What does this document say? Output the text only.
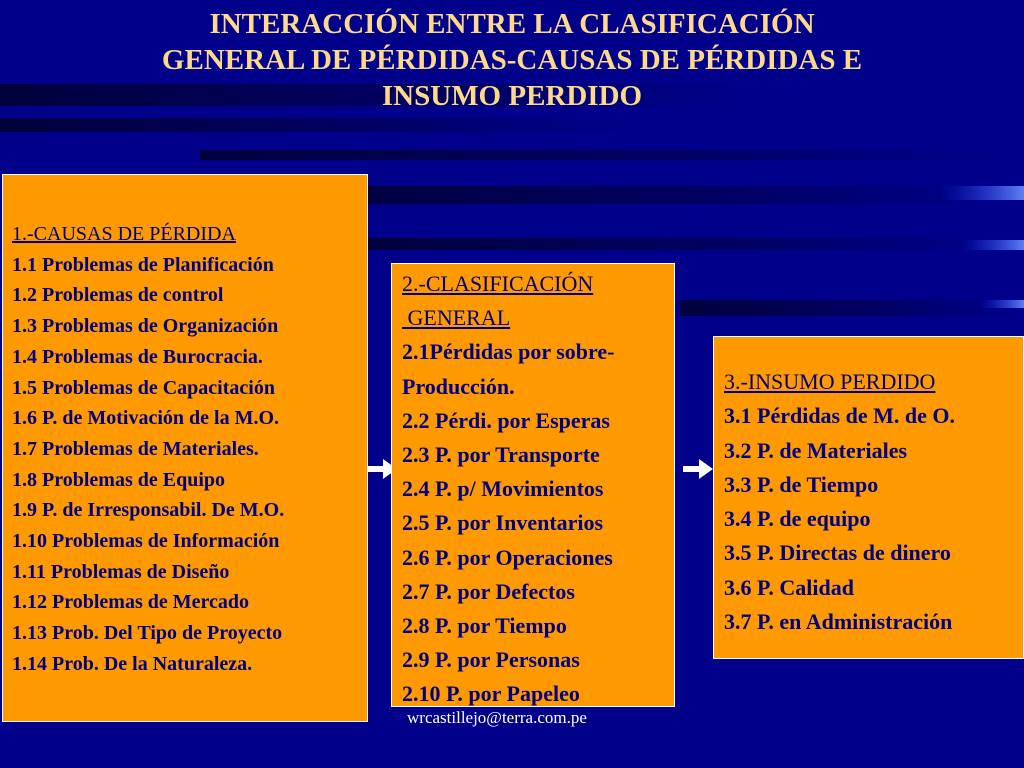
INTERACCIÓN ENTRE LA CLASIFICACIÓN
GENERAL DE PÉRDIDAS-CAUSAS DE PÉRDIDAS E
INSUMO PERDIDO
1.-CAUSAS DE PÉRDIDA
1.1 Problemas de Planificación
1.2 Problemas de control
1.3 Problemas de Organización
1.4 Problemas de Burocracia.
1.5 Problemas de Capacitación
1.6 P. de Motivación de la M.O.
1.7 Problemas de Materiales.
1.8 Problemas de Equipo
1.9 P. de Irresponsabil. De M.O.
1.10 Problemas de Información
1.11 Problemas de Diseño
1.12 Problemas de Mercado
1.13 Prob. Del Tipo de Proyecto
1.14 Prob. De la Naturaleza.
2.-CLASIFICACIÓN
GENERAL
2.1Pérdidas por sobre-
Producción.
2.2 Pérdi. por Esperas
2.3 P. por Transporte
2.4 P. p/ Movimientos
2.5 P. por Inventarios
2.6 P. por Operaciones
2.7 P. por Defectos
2.8 P. por Tiempo
2.9 P. por Personas
2.10 P. por Papeleo
3.-INSUMO PERDIDO
3.1 Pérdidas de M. de O.
3.2 P. de Materiales
3.3 P. de Tiempo
3.4 P. de equipo
3.5 P. Directas de dinero
3.6 P. Calidad
3.7 P. en Administración
wrcastillejo@terra.com.pe
